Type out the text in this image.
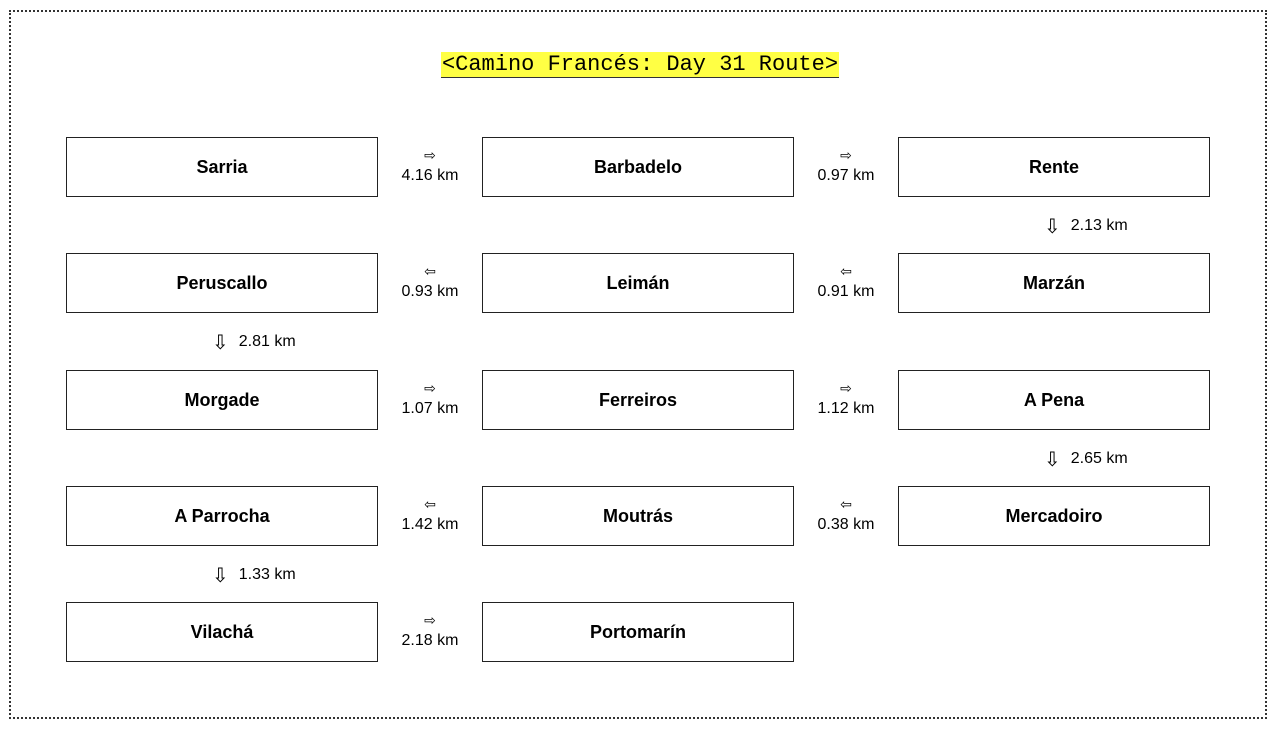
<Camino Francés: Day 31 Route>
Sarria
⇨
4.16 km	Barbadelo
⇨
0.97 km	Rente
⇩ 2.13 km
Peruscallo
⇦
0.93 km	Leimán
⇦
0.91 km	Marzán
⇩ 2.81 km
Morgade
⇨
1.07 km	Ferreiros
⇨
1.12 km	A Pena
⇩ 2.65 km
A Parrocha
⇦
1.42 km	Moutrás
⇦
0.38 km	Mercadoiro
⇩ 1.33 km
Vilachá
⇨
2.18 km	Portomarín
